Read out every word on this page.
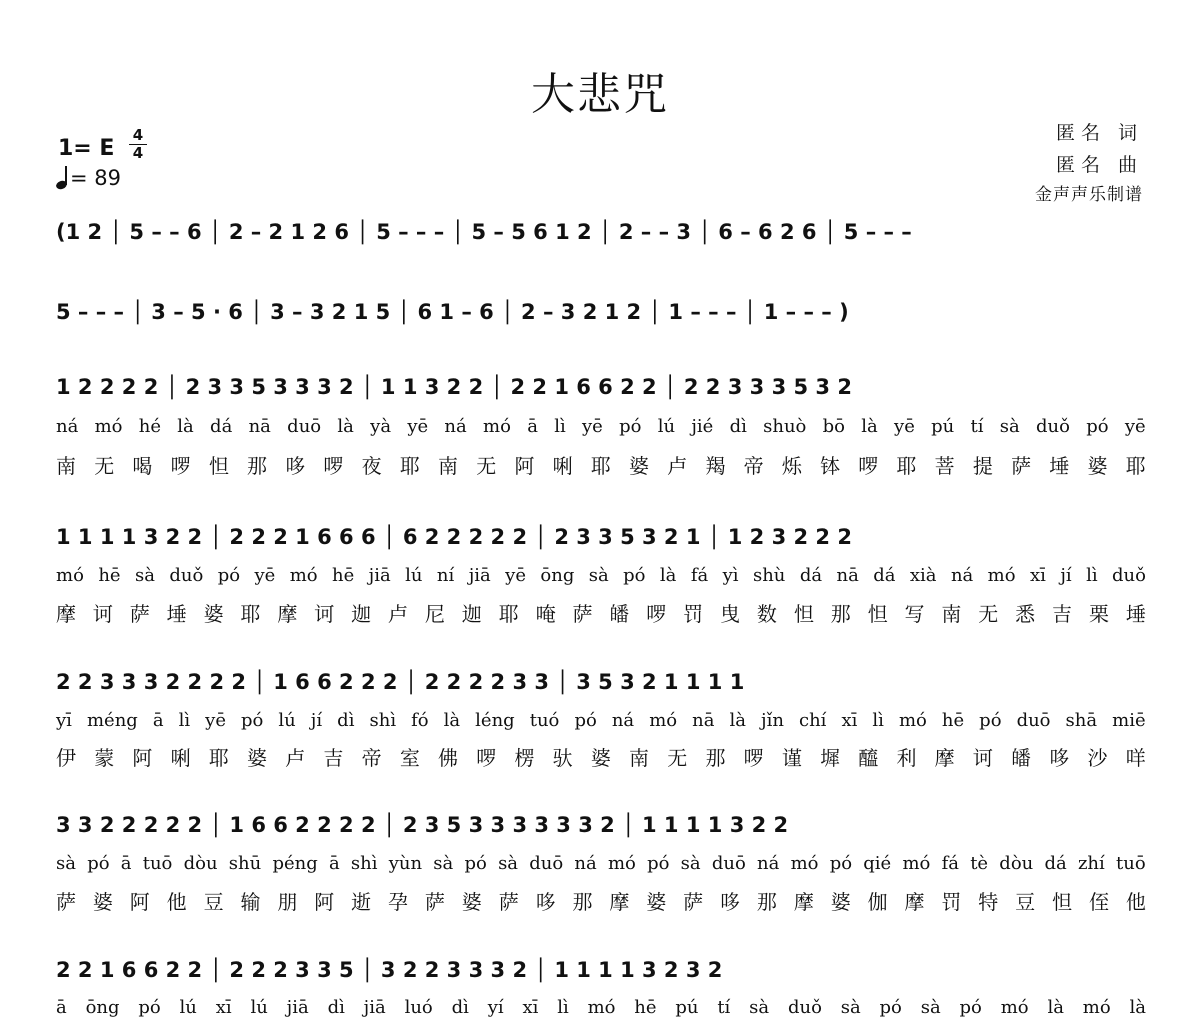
大悲咒
1= E
4
4
= 89
匿名 词
匿名 曲
金声声乐制谱
(1 2 │ 5 – – 6 │ 2 – 2 1 2 6 │ 5 – – – │ 5 – 5 6 1 2 │ 2 – – 3 │ 6 – 6 2 6 │ 5 – – –
5 – – – │ 3 – 5 · 6 │ 3 – 3 2 1 5 │ 6 1 – 6 │ 2 – 3 2 1 2 │ 1 – – – │ 1 – – – )
1 2 2 2 2 │ 2 3 3 5 3 3 3 2 │ 1 1 3 2 2 │ 2 2 1 6 6 2 2 │ 2 2 3 3 3 5 3 2
ná mó hé là dá nā duō là yà yē ná mó ā lì yē pó lú jié dì shuò bō là yē pú tí sà duǒ pó yē
南 无 喝 啰 怛 那 哆 啰 夜 耶 南 无 阿 唎 耶 婆 卢 羯 帝 烁 钵 啰 耶 菩 提 萨 埵 婆 耶
1 1 1 1 3 2 2 │ 2 2 2 1 6 6 6 │ 6 2 2 2 2 2 │ 2 3 3 5 3 2 1 │ 1 2 3 2 2 2
mó hē sà duǒ pó yē mó hē jiā lú ní jiā yē ōng sà pó là fá yì shù dá nā dá xià ná mó xī jí lì duǒ
摩 诃 萨 埵 婆 耶 摩 诃 迦 卢 尼 迦 耶 唵 萨 皤 啰 罚 曳 数 怛 那 怛 写 南 无 悉 吉 栗 埵
2 2 3 3 3 2 2 2 2 │ 1 6 6 2 2 2 │ 2 2 2 2 3 3 │ 3 5 3 2 1 1 1 1
yī méng ā lì yē pó lú jí dì shì fó là léng tuó pó ná mó nā là jǐn chí xī lì mó hē pó duō shā miē
伊 蒙 阿 唎 耶 婆 卢 吉 帝 室 佛 啰 楞 驮 婆 南 无 那 啰 谨 墀 醯 利 摩 诃 皤 哆 沙 咩
3 3 2 2 2 2 2 │ 1 6 6 2 2 2 2 │ 2 3 5 3 3 3 3 3 3 2 │ 1 1 1 1 3 2 2
sà pó ā tuō dòu shū péng ā shì yùn sà pó sà duō ná mó pó sà duō ná mó pó qié mó fá tè dòu dá zhí tuō
萨 婆 阿 他 豆 输 朋 阿 逝 孕 萨 婆 萨 哆 那 摩 婆 萨 哆 那 摩 婆 伽 摩 罚 特 豆 怛 侄 他
2 2 1 6 6 2 2 │ 2 2 2 3 3 5 │ 3 2 2 3 3 3 2 │ 1 1 1 1 3 2 3 2
ā ōng pó lú xī lú jiā dì jiā luó dì yí xī lì mó hē pú tí sà duǒ sà pó sà pó mó là mó là
